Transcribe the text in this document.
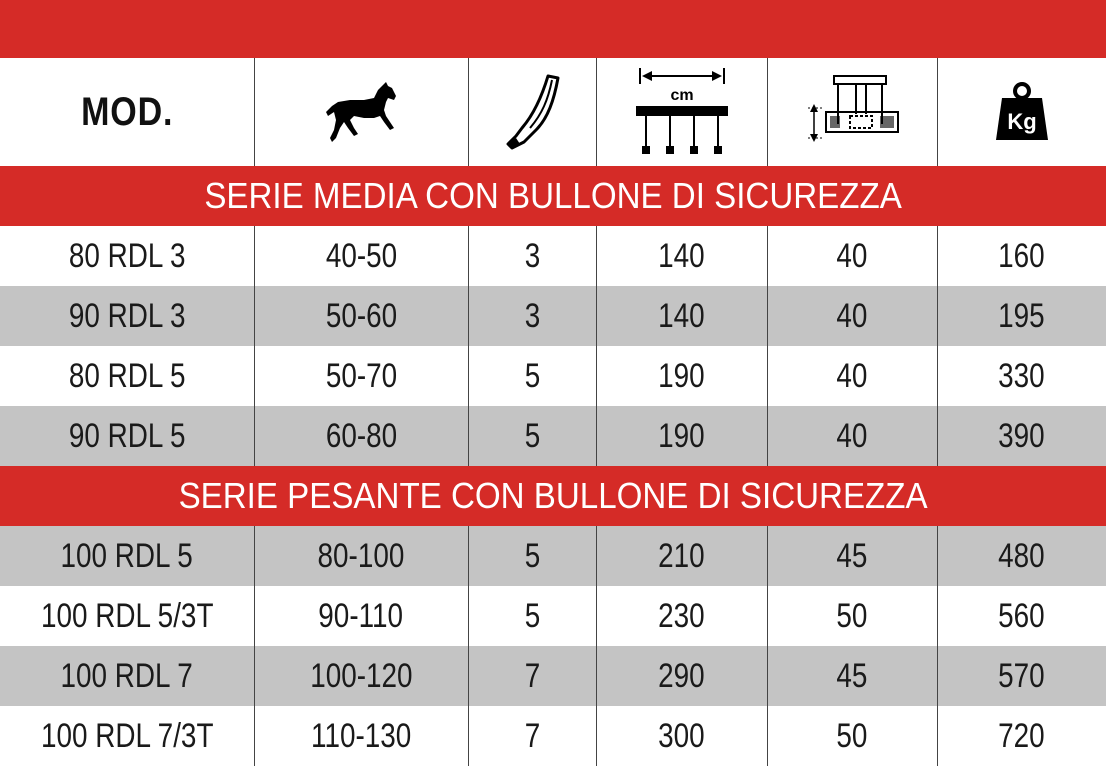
MOD.			cm		Kg

SERIE MEDIA CON BULLONE DI SICUREZZA					
80 RDL 3	40-50	3	140	40	160
90 RDL 3	50-60	3	140	40	195
80 RDL 5	50-70	5	190	40	330
90 RDL 5	60-80	5	190	40	390
SERIE PESANTE CON BULLONE DI SICUREZZA					
100 RDL 5	80-100	5	210	45	480
100 RDL 5/3T	90-110	5	230	50	560
100 RDL 7	100-120	7	290	45	570
100 RDL 7/3T	110-130	7	300	50	720
